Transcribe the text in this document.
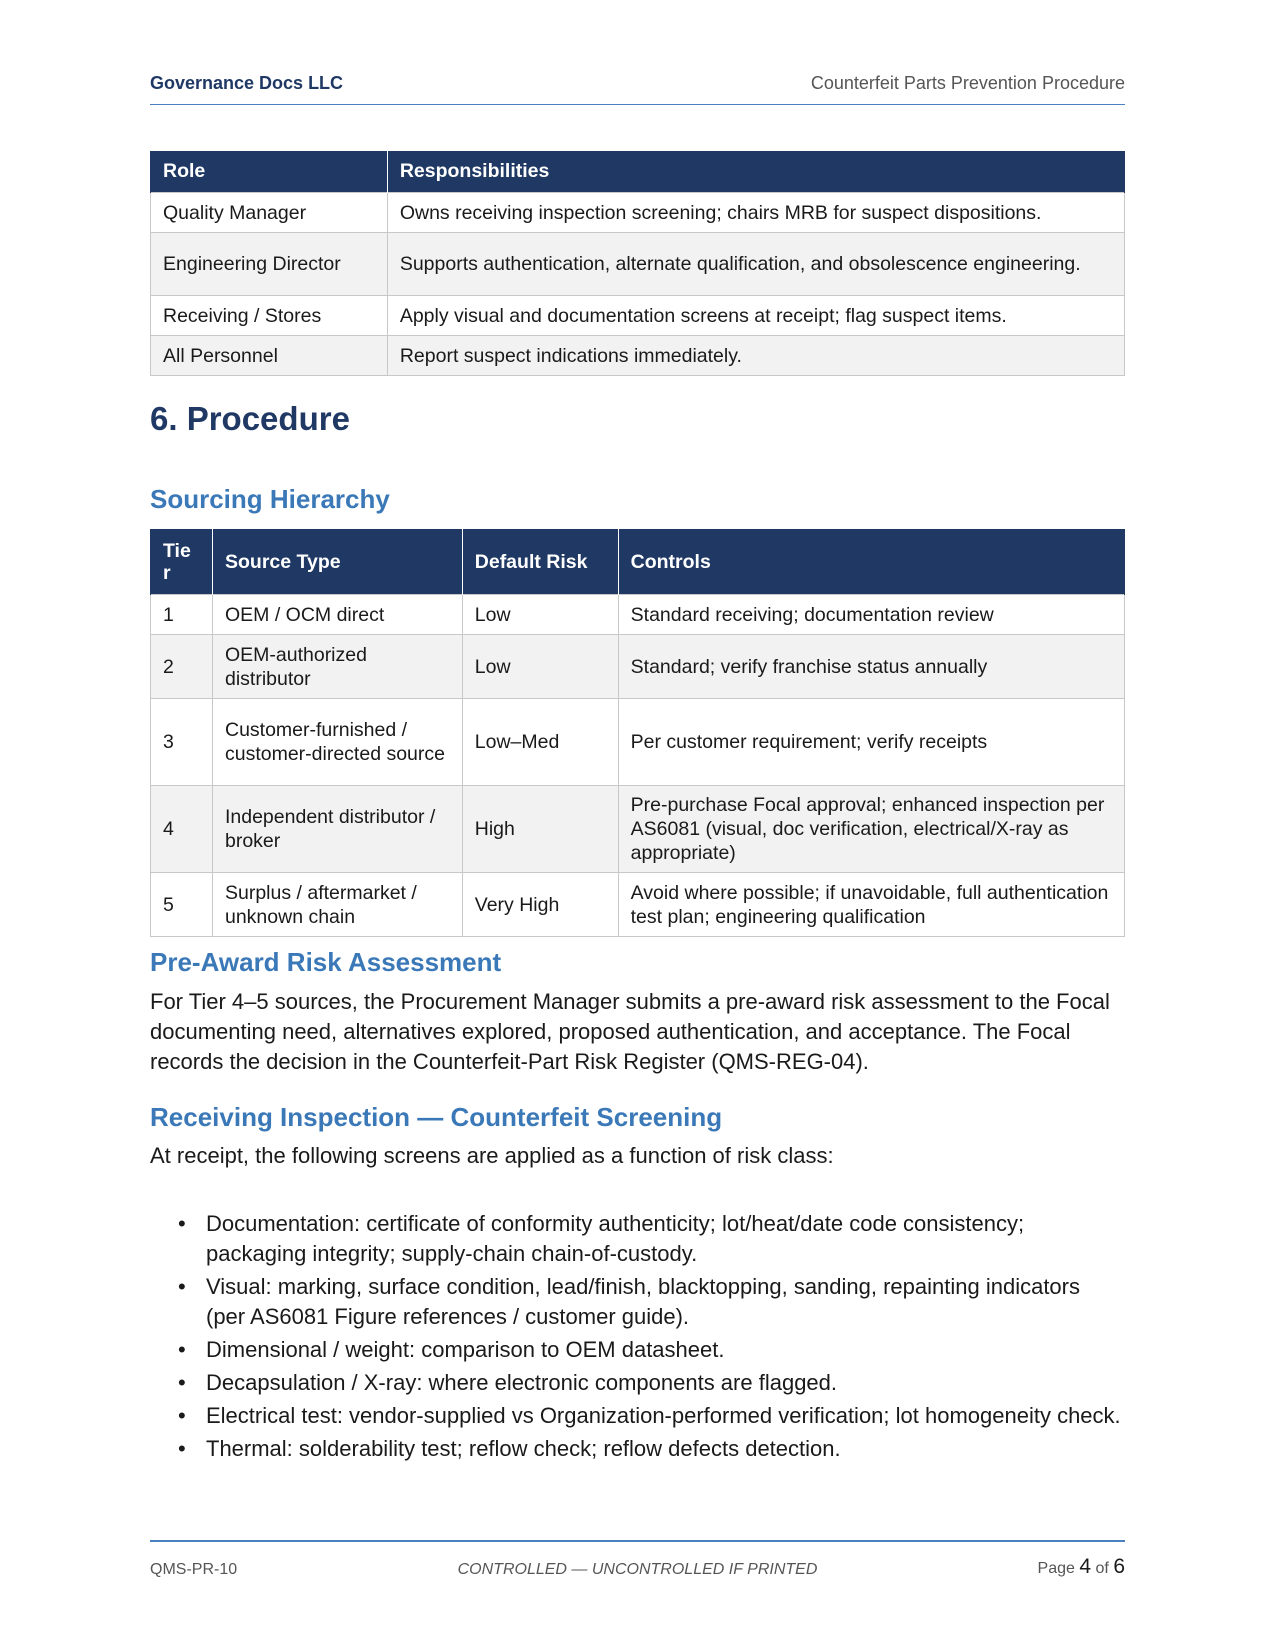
Governance Docs LLC	Counterfeit Parts Prevention Procedure
Role	Responsibilities
Quality Manager	Owns receiving inspection screening; chairs MRB for suspect dispositions.
Engineering Director	Supports authentication, alternate qualification, and obsolescence engineering.
Receiving / Stores	Apply visual and documentation screens at receipt; flag suspect items.
All Personnel	Report suspect indications immediately.
6. Procedure
Sourcing Hierarchy
Tier	Source Type	Default Risk	Controls
1	OEM / OCM direct	Low	Standard receiving; documentation review
2	OEM-authorized distributor	Low	Standard; verify franchise status annually
3	Customer-furnished / customer-directed source	Low–Med	Per customer requirement; verify receipts
4	Independent distributor / broker	High	Pre-purchase Focal approval; enhanced inspection per AS6081 (visual, doc verification, electrical/X-ray as appropriate)
5	Surplus / aftermarket / unknown chain	Very High	Avoid where possible; if unavoidable, full authentication test plan; engineering qualification
Pre-Award Risk Assessment

For Tier 4–5 sources, the Procurement Manager submits a pre-award risk assessment to the Focal documenting need, alternatives explored, proposed authentication, and acceptance. The Focal records the decision in the Counterfeit-Part Risk Register (QMS-REG-04).

Receiving Inspection — Counterfeit Screening

At receipt, the following screens are applied as a function of risk class:

• Documentation: certificate of conformity authenticity; lot/heat/date code consistency; packaging integrity; supply-chain chain-of-custody.
• Visual: marking, surface condition, lead/finish, blacktopping, sanding, repainting indicators (per AS6081 Figure references / customer guide).
• Dimensional / weight: comparison to OEM datasheet.
• Decapsulation / X-ray: where electronic components are flagged.
• Electrical test: vendor-supplied vs Organization-performed verification; lot homogeneity check.
• Thermal: solderability test; reflow check; reflow defects detection.
QMS-PR-10	CONTROLLED — UNCONTROLLED IF PRINTED	Page 4 of 6
